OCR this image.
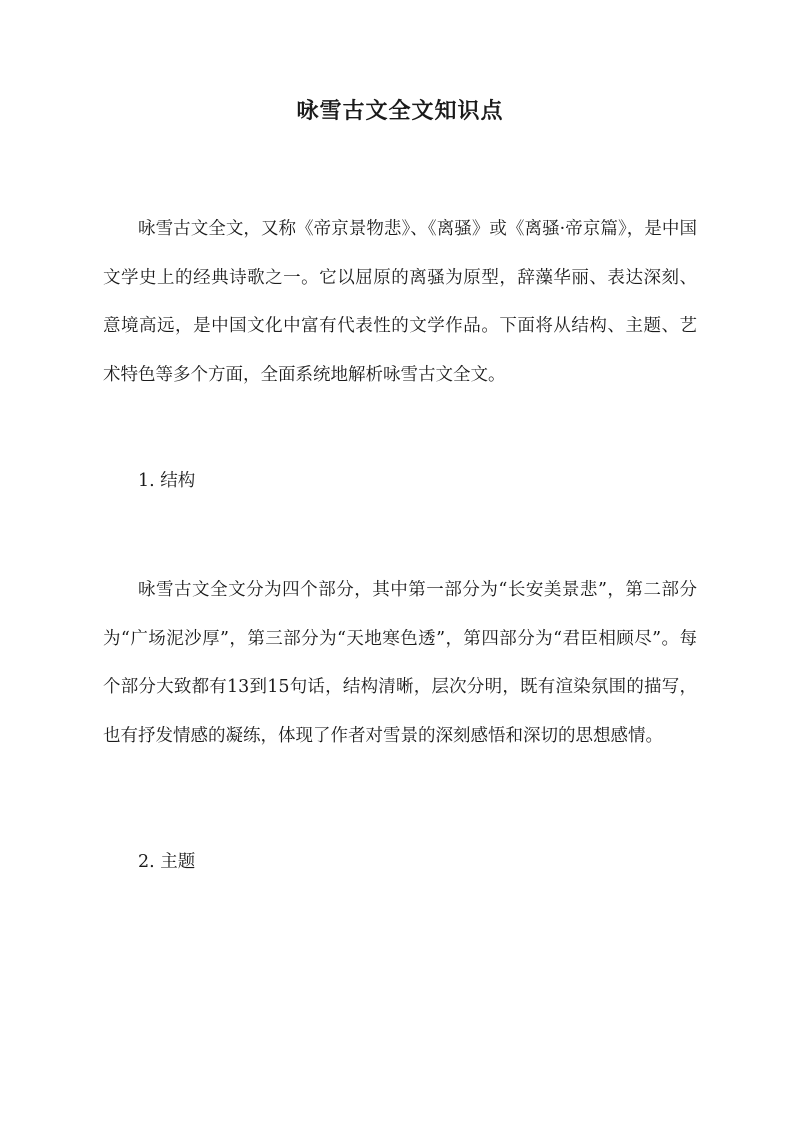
咏雪古文全文知识点

咏雪古文全文，又称《帝京景物悲》、《离骚》或《离骚·帝京篇》，是中国文学史上的经典诗歌之一。它以屈原的离骚为原型，辞藻华丽、表达深刻、意境高远，是中国文化中富有代表性的文学作品。下面将从结构、主题、艺术特色等多个方面，全面系统地解析咏雪古文全文。

1. 结构

咏雪古文全文分为四个部分，其中第一部分为“长安美景悲”，第二部分为“广场泥沙厚”，第三部分为“天地寒色透”，第四部分为“君臣相顾尽”。每个部分大致都有13到15句话，结构清晰，层次分明，既有渲染氛围的描写，也有抒发情感的凝练，体现了作者对雪景的深刻感悟和深切的思想感情。

2. 主题
